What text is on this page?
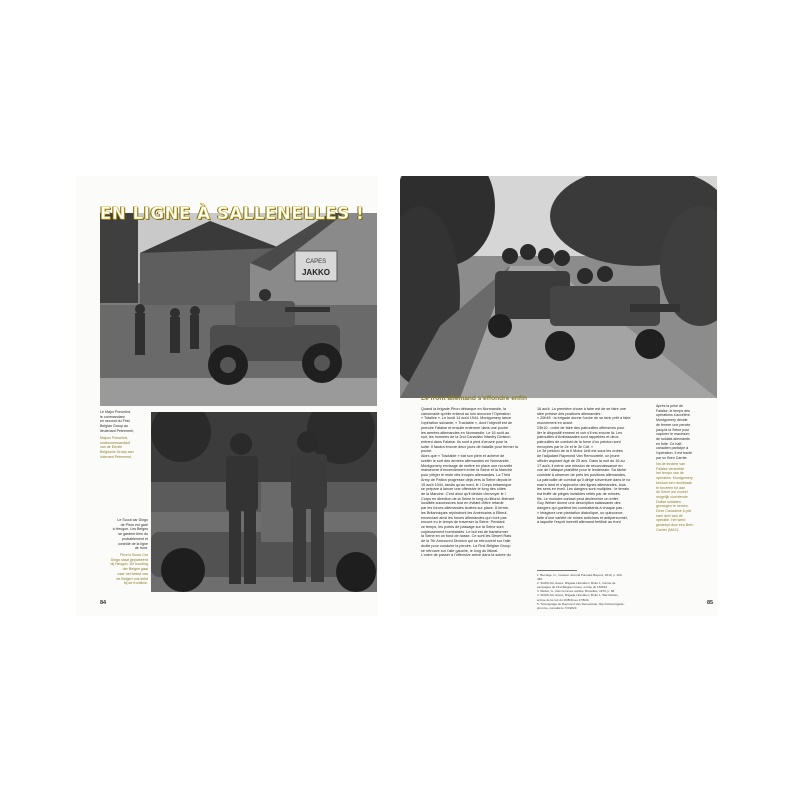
CAPES
JAKKO
EN LIGNE À SALLENELLES !
Le Major Ponceled,
le commandant
en second du First
Belgian Group au
lieutenant Petermeel,
Majoor Ponceled,
ondercommandant
van de Eerste
Belgische Groep aan
luitenant Petermeel,
Le Scout car Dingo
de Piron est garé
à Heugon. Les Belges
se gardent bien du
probablement et
contrôle de la ligne
de front.
Piron's Scout Car
Dingo staat geparkeerd
bij Heugon. De houding
der Belgen gaat
naar het beleid van
de Belgen ook strikt
bij de frontlinie.
84
Après la prise de
Falaise, le temps des
opérations s'accélère.
Montgomery décide
de fermer une percée
jusqu'à la Seine pour
capturer le maximum
de soldats allemands
en fuite. Ce half-
canadien participe à
l'opération. Il est tracté
par un Bren Carrier.
Na de inname van
Falaise versnelde
het tempo van de
operaties. Montgomery
besloot een doorbraak
te forceren tot aan
de Seine om zoveel
mogelijk vluchtende
Duitse soldaten
gevangen te nemen.
Deze Canadese 6-pdr
nam deel aan de
operatie. Het werd
gesleept door een Bren
Carrier (MAC).
Le front allemand s'effondre enfin
Quand la brigade Piron débarque en Normandie, la
canonnade qu'elle entend au loin annonce l'Opération
« Totalize ». Le lundi 14 août 1944, Montgomery lance
l'opération suivante, « Tractable », dont l'objectif est de
prendre Falaise et ensuite enfermer dans une poche
les armées allemandes en Normandie. Le 16 août au
soir, les hommes de la 2nd Canadian Infantry Division
entrent dans Falaise. Ils sont à pied d'œuvre pour la
suite. Il faudra encore deux jours de bataille pour fermer la
poche.
Alors que « Tractable » bat son plein et achève de
sceller le sort des armées allemandes en Normandie,
Montgomery envisage de mettre en place une nouvelle
manœuvre d'encerclement entre la Seine et la Manche
pour piéger le reste des troupes allemandes. La Third
Army de Patton progresse déjà vers la Seine depuis le
15 août 1944, tandis qu'au nord, le I Corps britannique
se prépare à lancer une offensive le long des côtes
de la Manche. C'est ainsi qu'il décide d'envoyer le I
Corps en direction de la Seine le long du littoral, libérant
localités successives tout en évitant d'être retardé
par les forces allemandes isolées sur place. À terme,
les Britanniques rejoindront les Américains à Elbeuf,
encerclant ainsi les forces allemandes qui n'ont pas
encore eu le temps de traverser la Seine. Pendant
ce temps, les points de passage sur la Seine sont
copieusement bombardés. Le but est de transformer
la Seine en un fond de nasse. Ce sont les Desert Rats
de la 7th Armoured Division qui se retrouvent sur l'aile
droite pour conduire la percée. La First Belgian Group
se retrouve sur l'aile gauche, le long du littoral.
L'ordre de passer à l'offensive arrive dans la soirée du
16 août. La première chose à faire est de se faire une
idée précise des positions allemandes :
« 20h45 : la brigade donne l'ordre de se tenir prêt à faire
mouvement en avant.
23h10 : ordre de faire des patrouilles offensives pour
lier le dispositif ennemi et voir s'il est encore là. Les
patrouilles d'Ambassades sont rappelées et deux
patrouilles de combat de la force d'un peloton sont
envoyées par le 2e et le 3e Cdt. »
Le 3e peloton de la II Motor Unit est sous les ordres
de l'adjudant Raymond Van Remoortele, un jeune
officier aspirant âgé de 25 ans. Dans la nuit du 16 au
17 août, il mène une mission de reconnaissance en
vue de l'attaque planifiée pour le lendemain. Sa tâche
consiste à observer de près les positions allemandes.
La patrouille de combat qu'il dirige s'aventure dans le no
man's land et s'approche des lignes allemandes, tous
les sens en éveil. Les dangers sont multiples : le terrain
est truffé de pièges invisibles reliés par de minces
fils. Le moindre contact peut déclencher un enfer.
Guy Weber donne une description saisissante des
dangers qui guettent les combattants à chaque pas :
« Imaginez une plantation diabolique, un quinconce,
faite d'une variété de mines antichars et antipersonnel,
à laquelle l'esprit inventif allemand fertilisé au front
1. Bernage, G., Invasion Journal Polonais Bayeux, 2010, p. 464-
466.
2. SGRS-SA, Evere, Brigade Libération, Boîte 1, Carnet de
campagne du First Belgian Group, entrée du 16/8/44
3. Weber, G., Des hommes oubliés, Bruxelles, 1976, p. 68.
4. SGRS-SA, Evere, Brigade Libération, Boîte 1, War Diaries,
entrée de la nuit du 16/8/44 au 17/8/44.
5. Témoignage de Raymond Van Remoortele, http://www.brigade-
piron.be, consulté le 7/3/2023.
85
